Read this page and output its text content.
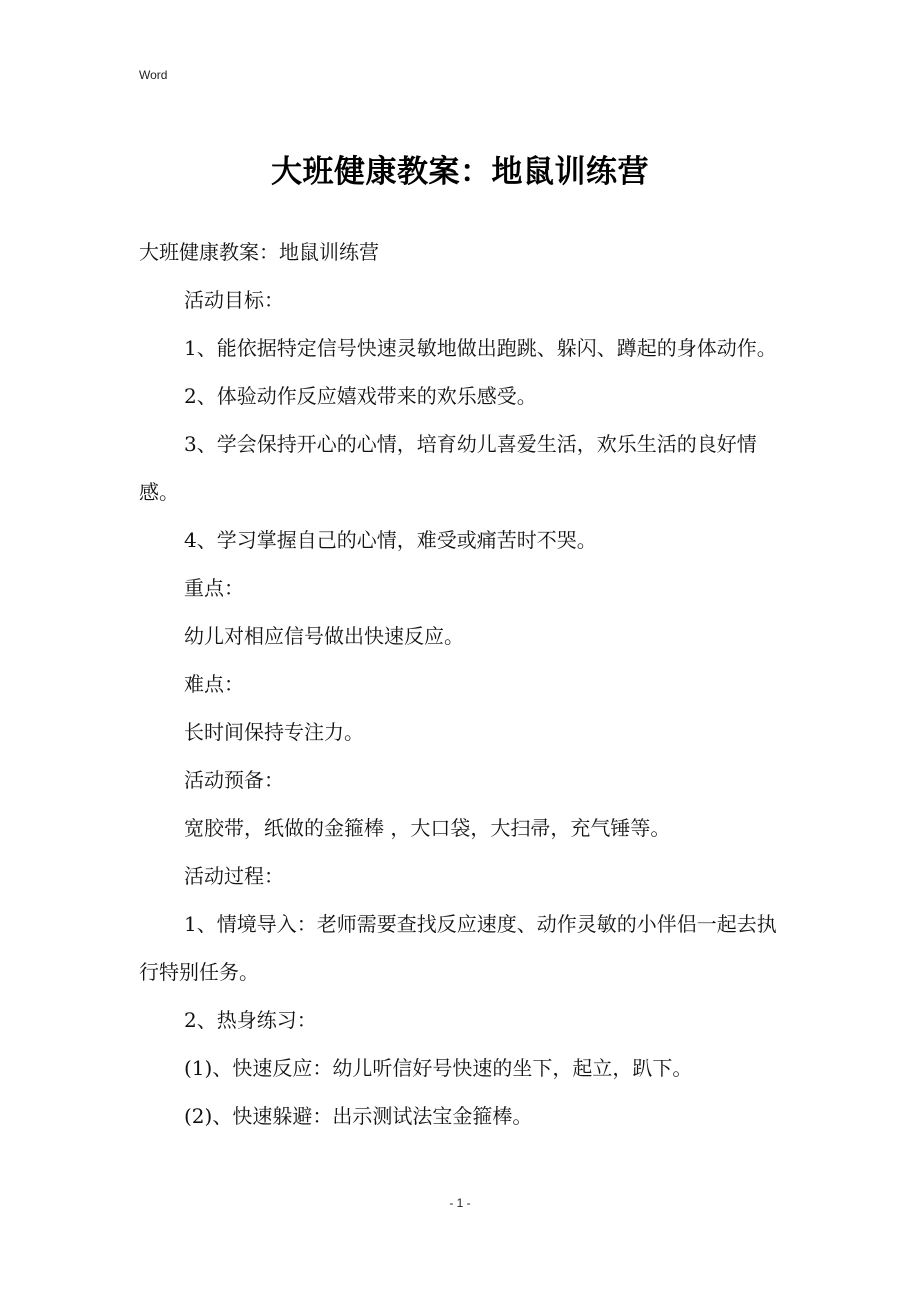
Word
大班健康教案：地鼠训练营

大班健康教案：地鼠训练营

活动目标：

1、能依据特定信号快速灵敏地做出跑跳、躲闪、蹲起的身体动作。

2、体验动作反应嬉戏带来的欢乐感受。

3、学会保持开心的心情，培育幼儿喜爱生活，欢乐生活的良好情感。

4、学习掌握自己的心情，难受或痛苦时不哭。

重点：

幼儿对相应信号做出快速反应。

难点：

长时间保持专注力。

活动预备：

宽胶带，纸做的金箍棒 ，大口袋，大扫帚，充气锤等。

活动过程：

1、情境导入：老师需要查找反应速度、动作灵敏的小伴侣一起去执行特别任务。

2、热身练习：

(1)、快速反应：幼儿听信好号快速的坐下，起立，趴下。

(2)、快速躲避：出示测试法宝金箍棒。

- 1 -
